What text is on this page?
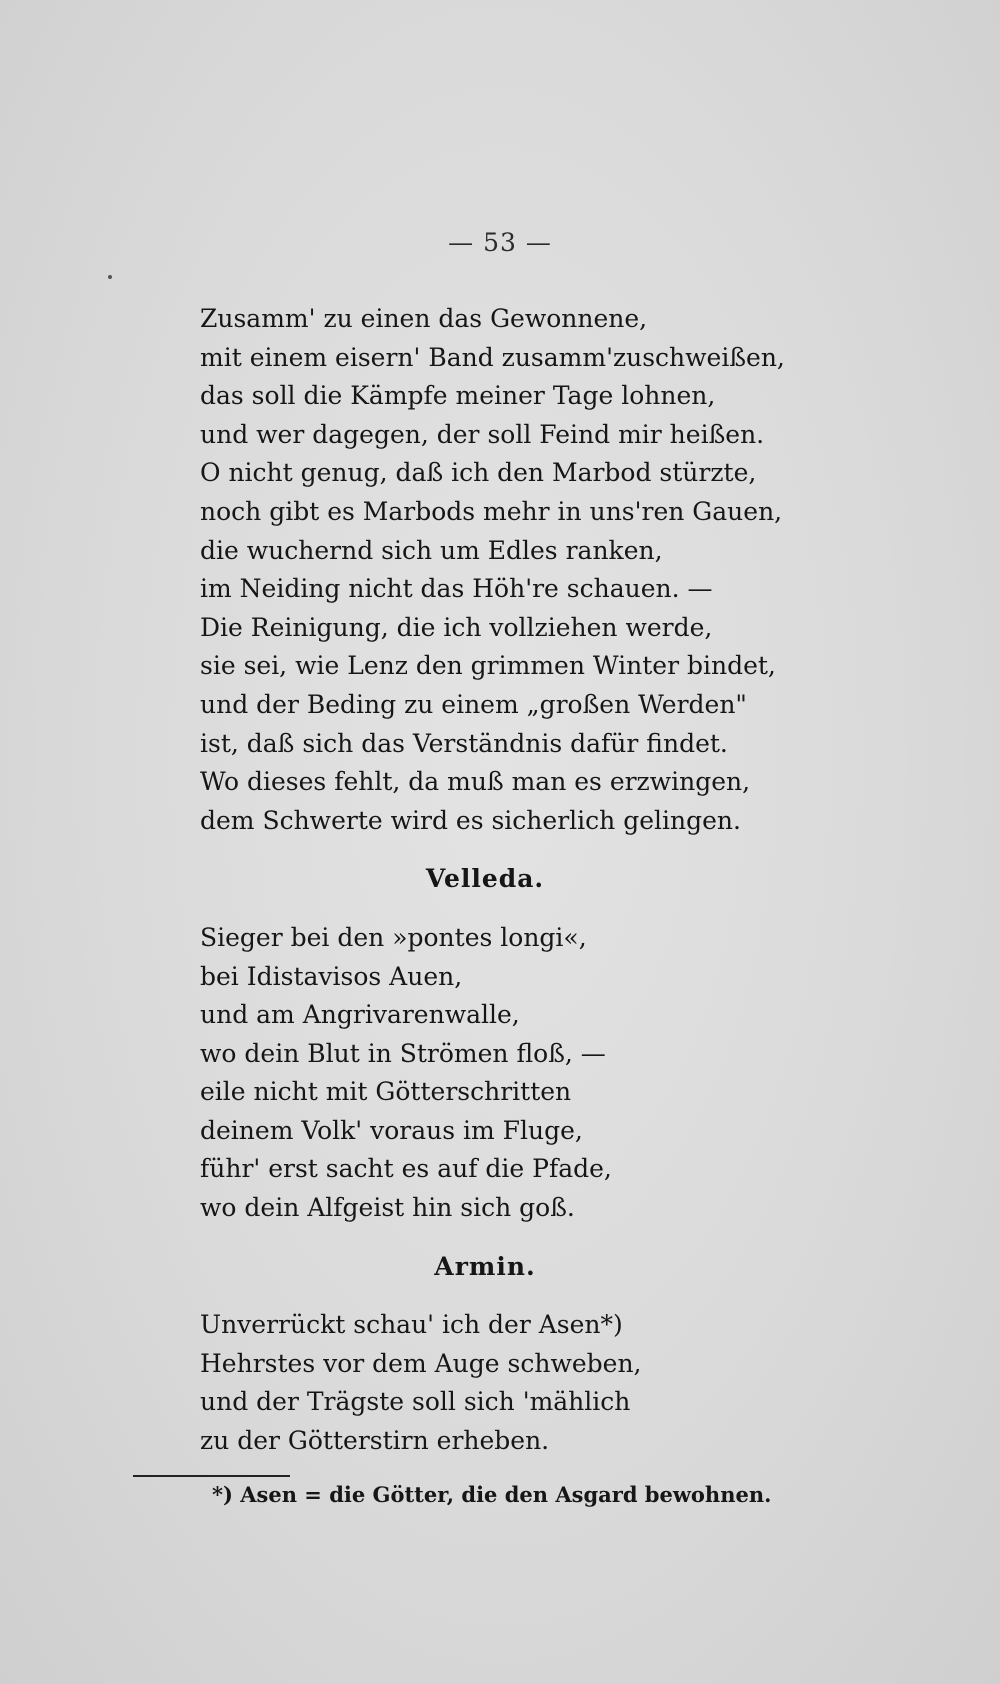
— 53 —
Zusamm' zu einen das Gewonnene,
mit einem eisern' Band zusamm'zuschweißen,
das soll die Kämpfe meiner Tage lohnen,
und wer dagegen, der soll Feind mir heißen.
O nicht genug, daß ich den Marbod stürzte,
noch gibt es Marbods mehr in uns'ren Gauen,
die wuchernd sich um Edles ranken,
im Neiding nicht das Höh're schauen. —
Die Reinigung, die ich vollziehen werde,
sie sei, wie Lenz den grimmen Winter bindet,
und der Beding zu einem „großen Werden"
ist, daß sich das Verständnis dafür findet.
Wo dieses fehlt, da muß man es erzwingen,
dem Schwerte wird es sicherlich gelingen.
Velleda.
Sieger bei den »pontes longi«,
bei Idistavisos Auen,
und am Angrivarenwalle,
wo dein Blut in Strömen floß, —
eile nicht mit Götterschritten
deinem Volk' voraus im Fluge,
führ' erst sacht es auf die Pfade,
wo dein Alfgeist hin sich goß.
Armin.
Unverrückt schau' ich der Asen*)
Hehrstes vor dem Auge schweben,
und der Trägste soll sich 'mählich
zu der Götterstirn erheben.
*) Asen = die Götter, die den Asgard bewohnen.
